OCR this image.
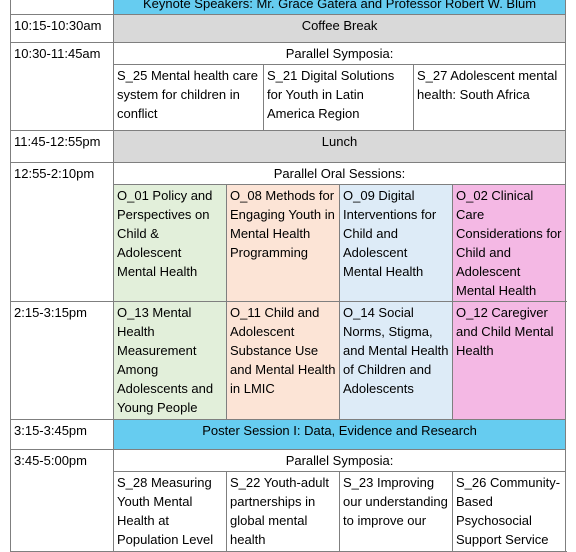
	Keynote Speakers: Mr. Grace Gatera and Professor Robert W. Blum					
10:15-10:30am	Coffee Break					
10:30-11:45am	Parallel Symposia:					
	S_25 Mental health care system for children in conflict		S_21 Digital Solutions for Youth in Latin America Region		S_27 Adolescent mental health: South Africa	
11:45-12:55pm	Lunch					
12:55-2:10pm	Parallel Oral Sessions:					
	O_01 Policy and Perspectives on Child & Adolescent Mental Health	O_08 Methods for Engaging Youth in Mental Health Programming		O_09 Digital Interventions for Child and Adolescent Mental Health		O_02 Clinical Care Considerations for Child and Adolescent Mental Health
2:15-3:15pm	O_13 Mental Health Measurement Among Adolescents and Young People	O_11 Child and Adolescent Substance Use and Mental Health in LMIC		O_14 Social Norms, Stigma, and Mental Health of Children and Adolescents		O_12 Caregiver and Child Mental Health
3:15-3:45pm	Poster Session I: Data, Evidence and Research					
3:45-5:00pm	Parallel Symposia:					
	S_28 Measuring Youth Mental Health at Population Level	S_22 Youth-adult partnerships in global mental health		S_23 Improving our understanding to improve our		S_26 Community-Based Psychosocial Support Service
